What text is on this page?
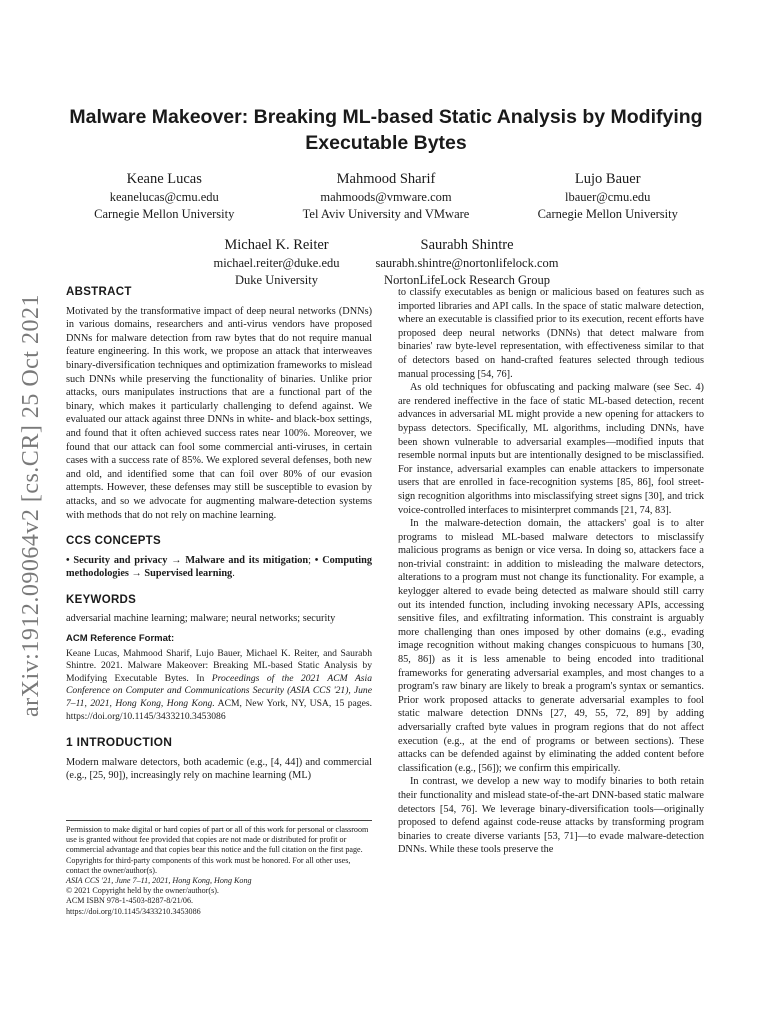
arXiv:1912.09064v2 [cs.CR] 25 Oct 2021
Malware Makeover: Breaking ML-based Static Analysis by Modifying Executable Bytes
Keane Lucas
keanelucas@cmu.edu
Carnegie Mellon University
Mahmood Sharif
mahmoods@vmware.com
Tel Aviv University and VMware
Lujo Bauer
lbauer@cmu.edu
Carnegie Mellon University
Michael K. Reiter
michael.reiter@duke.edu
Duke University
Saurabh Shintre
saurabh.shintre@nortonlifelock.com
NortonLifeLock Research Group
ABSTRACT

Motivated by the transformative impact of deep neural networks (DNNs) in various domains, researchers and anti-virus vendors have proposed DNNs for malware detection from raw bytes that do not require manual feature engineering. In this work, we propose an attack that interweaves binary-diversification techniques and optimization frameworks to mislead such DNNs while preserving the functionality of binaries. Unlike prior attacks, ours manipulates instructions that are a functional part of the binary, which makes it particularly challenging to defend against. We evaluated our attack against three DNNs in white- and black-box settings, and found that it often achieved success rates near 100%. Moreover, we found that our attack can fool some commercial anti-viruses, in certain cases with a success rate of 85%. We explored several defenses, both new and old, and identified some that can foil over 80% of our evasion attempts. However, these defenses may still be susceptible to evasion by attacks, and so we advocate for augmenting malware-detection systems with methods that do not rely on machine learning.

CCS CONCEPTS

• Security and privacy → Malware and its mitigation; • Computing methodologies → Supervised learning.

KEYWORDS

adversarial machine learning; malware; neural networks; security

ACM Reference Format:

Keane Lucas, Mahmood Sharif, Lujo Bauer, Michael K. Reiter, and Saurabh Shintre. 2021. Malware Makeover: Breaking ML-based Static Analysis by Modifying Executable Bytes. In Proceedings of the 2021 ACM Asia Conference on Computer and Communications Security (ASIA CCS '21), June 7–11, 2021, Hong Kong, Hong Kong. ACM, New York, NY, USA, 15 pages. https://doi.org/10.1145/3433210.3453086

1 INTRODUCTION

Modern malware detectors, both academic (e.g., [4, 44]) and commercial (e.g., [25, 90]), increasingly rely on machine learning (ML)

Permission to make digital or hard copies of part or all of this work for personal or classroom use is granted without fee provided that copies are not made or distributed for profit or commercial advantage and that copies bear this notice and the full citation on the first page. Copyrights for third-party components of this work must be honored. For all other uses, contact the owner/author(s).

ASIA CCS '21, June 7–11, 2021, Hong Kong, Hong Kong

© 2021 Copyright held by the owner/author(s).

ACM ISBN 978-1-4503-8287-8/21/06.

https://doi.org/10.1145/3433210.3453086

to classify executables as benign or malicious based on features such as imported libraries and API calls. In the space of static malware detection, where an executable is classified prior to its execution, recent efforts have proposed deep neural networks (DNNs) that detect malware from binaries' raw byte-level representation, with effectiveness similar to that of detectors based on hand-crafted features selected through tedious manual processing [54, 76].

As old techniques for obfuscating and packing malware (see Sec. 4) are rendered ineffective in the face of static ML-based detection, recent advances in adversarial ML might provide a new opening for attackers to bypass detectors. Specifically, ML algorithms, including DNNs, have been shown vulnerable to adversarial examples—modified inputs that resemble normal inputs but are intentionally designed to be misclassified. For instance, adversarial examples can enable attackers to impersonate users that are enrolled in face-recognition systems [85, 86], fool street-sign recognition algorithms into misclassifying street signs [30], and trick voice-controlled interfaces to misinterpret commands [21, 74, 83].

In the malware-detection domain, the attackers' goal is to alter programs to mislead ML-based malware detectors to misclassify malicious programs as benign or vice versa. In doing so, attackers face a non-trivial constraint: in addition to misleading the malware detectors, alterations to a program must not change its functionality. For example, a keylogger altered to evade being detected as malware should still carry out its intended function, including invoking necessary APIs, accessing sensitive files, and exfiltrating information. This constraint is arguably more challenging than ones imposed by other domains (e.g., evading image recognition without making changes conspicuous to humans [30, 85, 86]) as it is less amenable to being encoded into traditional frameworks for generating adversarial examples, and most changes to a program's raw binary are likely to break a program's syntax or semantics. Prior work proposed attacks to generate adversarial examples to fool static malware detection DNNs [27, 49, 55, 72, 89] by adding adversarially crafted byte values in program regions that do not affect execution (e.g., at the end of programs or between sections). These attacks can be defended against by eliminating the added content before classification (e.g., [56]); we confirm this empirically.

In contrast, we develop a new way to modify binaries to both retain their functionality and mislead state-of-the-art DNN-based static malware detectors [54, 76]. We leverage binary-diversification tools—originally proposed to defend against code-reuse attacks by transforming program binaries to create diverse variants [53, 71]—to evade malware-detection DNNs. While these tools preserve the
